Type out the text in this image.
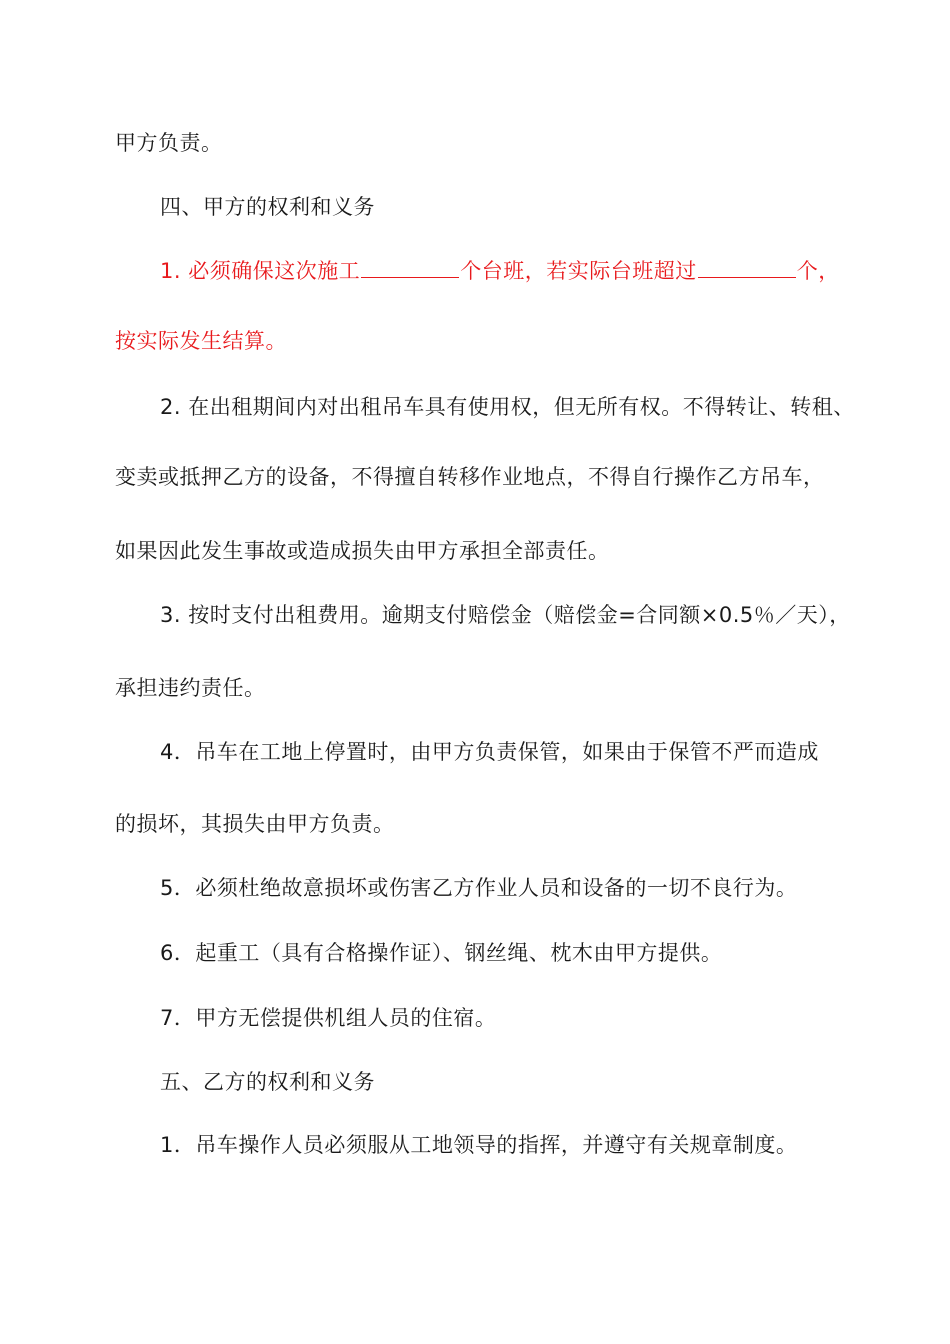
甲方负责。
四、甲方的权利和义务
1. 必须确保这次施工	个台班，若实际台班超过	个，
按实际发生结算。
2. 在出租期间内对出租吊车具有使用权，但无所有权。不得转让、转租、
变卖或抵押乙方的设备，不得擅自转移作业地点，不得自行操作乙方吊车，
如果因此发生事故或造成损失由甲方承担全部责任。
3. 按时支付出租费用。逾期支付赔偿金（赔偿金=合同额×0.5％／天），
承担违约责任。
4．吊车在工地上停置时，由甲方负责保管，如果由于保管不严而造成
的损坏，其损失由甲方负责。
5．必须杜绝故意损坏或伤害乙方作业人员和设备的一切不良行为。
6．起重工（具有合格操作证）、钢丝绳、枕木由甲方提供。
7．甲方无偿提供机组人员的住宿。
五、乙方的权利和义务
1．吊车操作人员必须服从工地领导的指挥，并遵守有关规章制度。
